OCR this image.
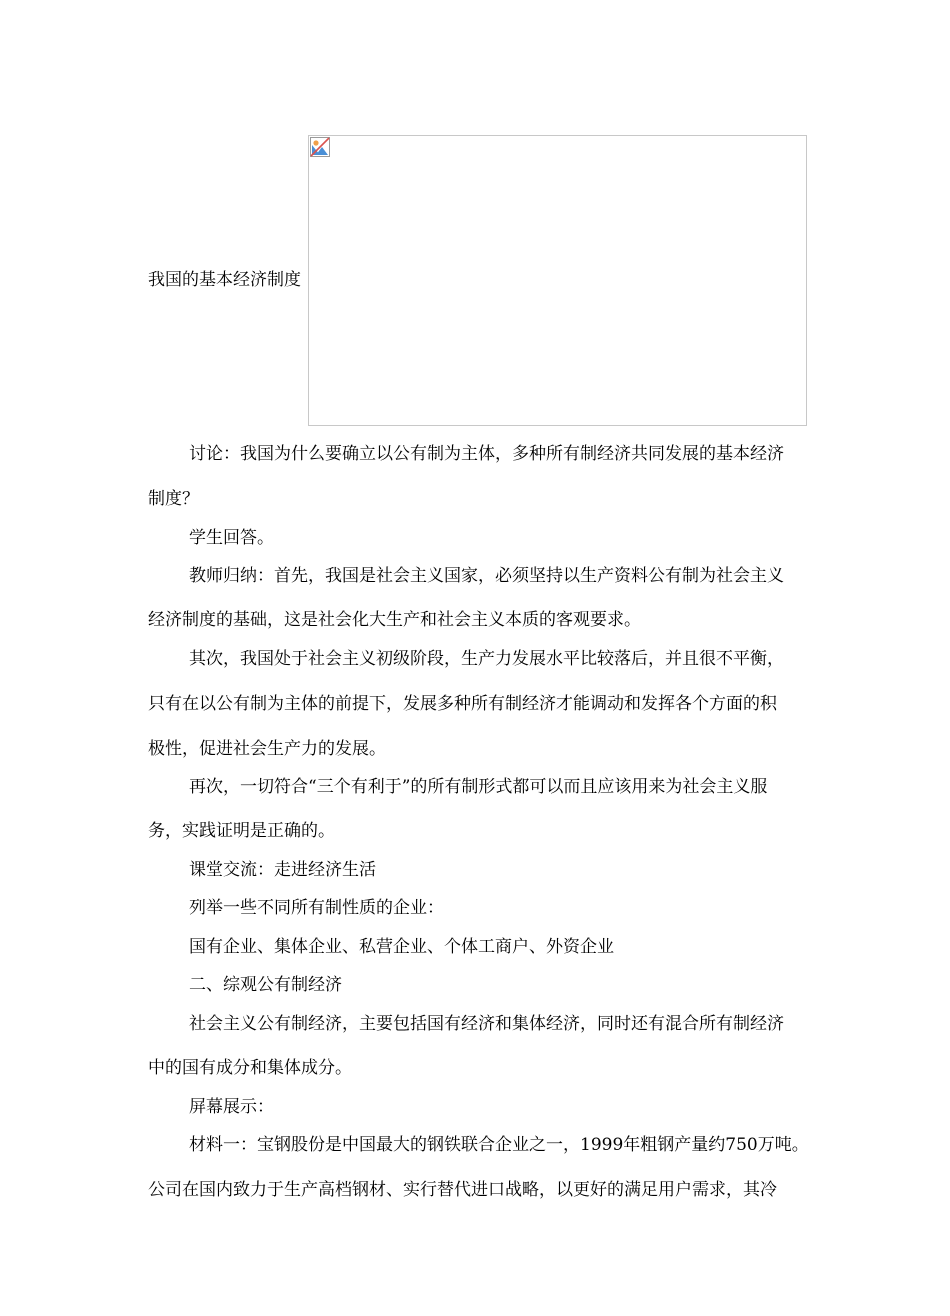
我国的基本经济制度
讨论：我国为什么要确立以公有制为主体，多种所有制经济共同发展的基本经济
制度？
学生回答。
教师归纳：首先，我国是社会主义国家，必须坚持以生产资料公有制为社会主义
经济制度的基础，这是社会化大生产和社会主义本质的客观要求。
其次，我国处于社会主义初级阶段，生产力发展水平比较落后，并且很不平衡，
只有在以公有制为主体的前提下，发展多种所有制经济才能调动和发挥各个方面的积
极性，促进社会生产力的发展。
再次，一切符合“三个有利于”的所有制形式都可以而且应该用来为社会主义服
务，实践证明是正确的。
课堂交流：走进经济生活
列举一些不同所有制性质的企业：
国有企业、集体企业、私营企业、个体工商户、外资企业
二、综观公有制经济
社会主义公有制经济，主要包括国有经济和集体经济，同时还有混合所有制经济
中的国有成分和集体成分。
屏幕展示：
材料一：宝钢股份是中国最大的钢铁联合企业之一，1999年粗钢产量约750万吨。
公司在国内致力于生产高档钢材、实行替代进口战略，以更好的满足用户需求，其冷
